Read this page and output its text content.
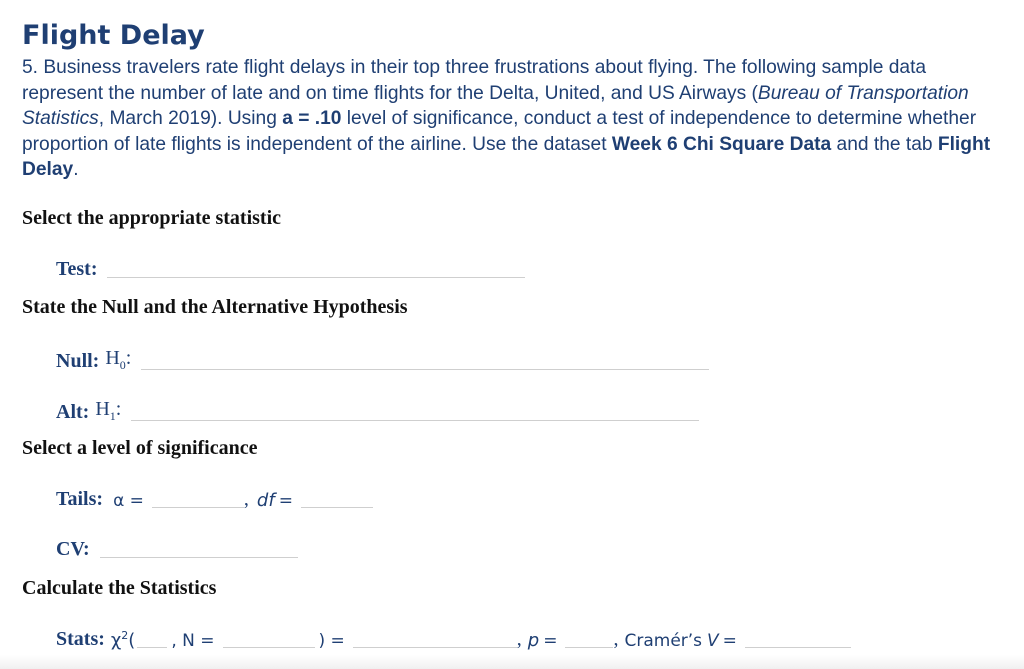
Flight Delay
5. Business travelers rate flight delays in their top three frustrations about flying. The following sample data represent the number of late and on time flights for the Delta, United, and US Airways (Bureau of Transportation Statistics, March 2019). Using a = .10 level of significance, conduct a test of independence to determine whether proportion of late flights is independent of the airline. Use the dataset Week 6 Chi Square Data and the tab Flight Delay.
Select the appropriate statistic
Test:
State the Null and the Alternative Hypothesis
Null: $H_0$:
Alt: $H_1$:
Select a level of significance
Tails: α =	, df =
CV:
Calculate the Statistics
Stats: $\chi^2$( , N =	) =	, p =	, Cramér’s V =
